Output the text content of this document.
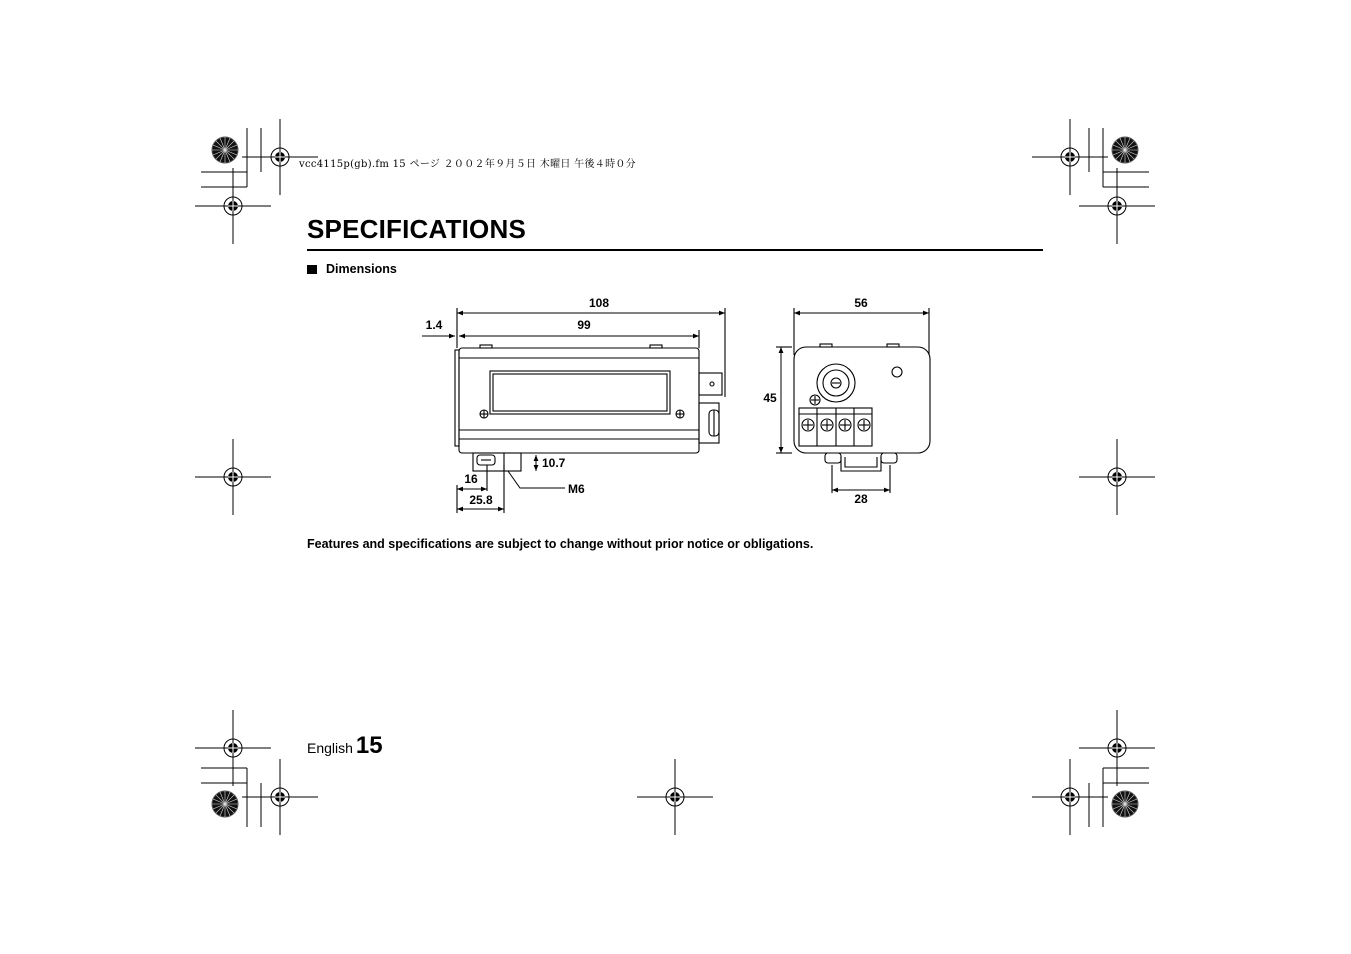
vcc4115p(gb).fm 15 ページ ２００２年９月５日 木曜日 午後４時０分
SPECIFICATIONS
Dimensions
108
99
1.4
10.7
16
25.8
M6
56
45
28
Features and specifications are subject to change without prior notice or obligations.
English 15
